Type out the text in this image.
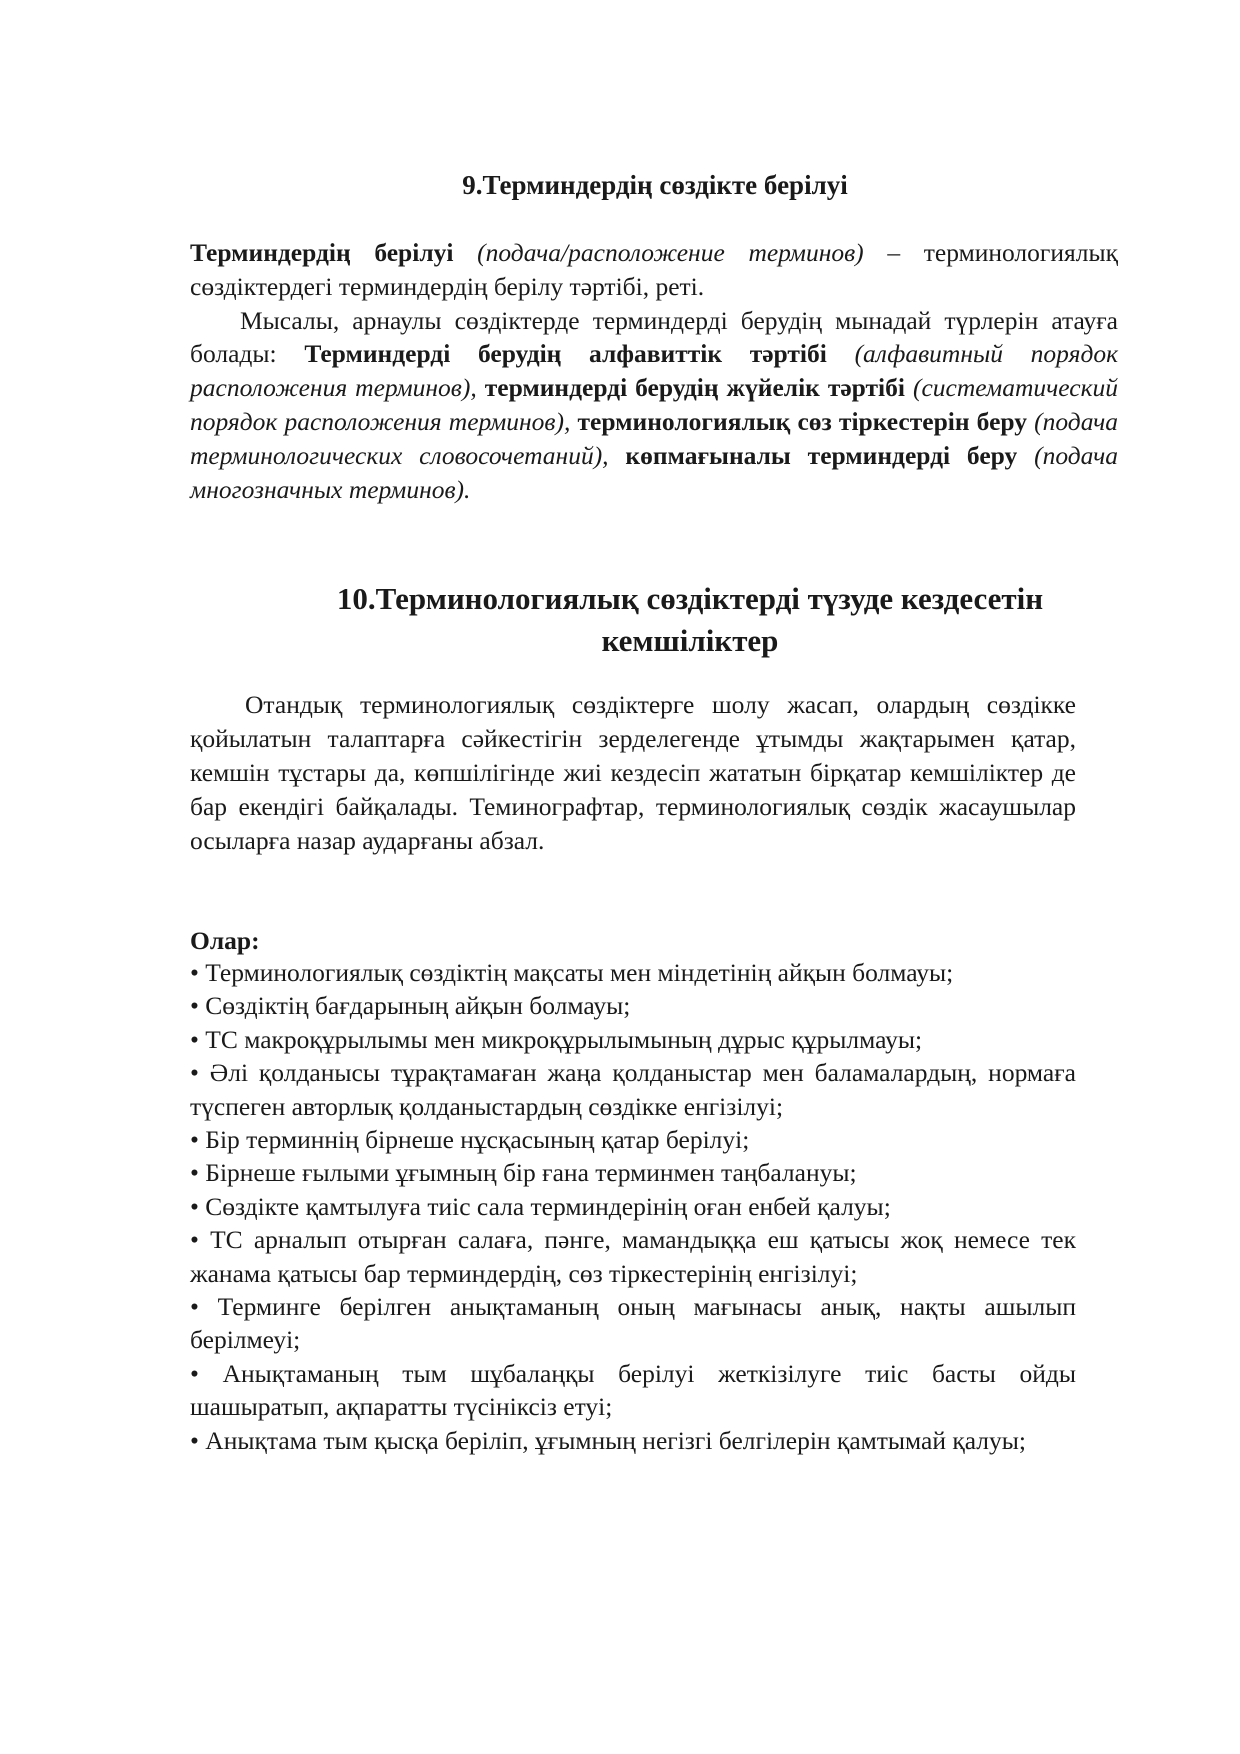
9.Терминдердің сөздікте берілуі

Терминдердің берілуі (подача/расположение терминов) – терминологиялық сөздіктердегі терминдердің берілу тәртібі, реті.

Мысалы, арнаулы сөздіктерде терминдерді берудің мынадай түрлерін атауға болады: Терминдерді берудің алфавиттік тәртібі (алфавитный порядок расположения терминов), терминдерді берудің жүйелік тәртібі (систематический порядок расположения терминов), терминологиялық сөз тіркестерін беру (подача терминологических словосочетаний), көпмағыналы терминдерді беру (подача многозначных терминов).

10.Терминологиялық сөздіктерді түзуде кездесетін
кемшіліктер

Отандық терминологиялық сөздіктерге шолу жасап, олардың сөздікке қойылатын талаптарға сәйкестігін зерделегенде ұтымды жақтарымен қатар, кемшін тұстары да, көпшілігінде жиі кездесіп жататын бірқатар кемшіліктер де бар екендігі байқалады. Теминографтар, терминологиялық сөздік жасаушылар осыларға назар аударғаны абзал.

Олар:
• Терминологиялық сөздіктің мақсаты мен міндетінің айқын болмауы;
• Сөздіктің бағдарының айқын болмауы;
• ТС макроқұрылымы мен микроқұрылымының дұрыс құрылмауы;
• Әлі қолданысы тұрақтамаған жаңа қолданыстар мен баламалардың, нормаға түспеген авторлық қолданыстардың сөздікке енгізілуі;
• Бір терминнің бірнеше нұсқасының қатар берілуі;
• Бірнеше ғылыми ұғымның бір ғана терминмен таңбалануы;
• Сөздікте қамтылуға тиіс сала терминдерінің оған енбей қалуы;
• ТС арналып отырған салаға, пәнге, мамандыққа еш қатысы жоқ немесе тек жанама қатысы бар терминдердің, сөз тіркестерінің енгізілуі;
• Терминге берілген анықтаманың оның мағынасы анық, нақты ашылып берілмеуі;
• Анықтаманың тым шұбалаңқы берілуі жеткізілуге тиіс басты ойды шашыратып, ақпаратты түсініксіз етуі;
• Анықтама тым қысқа беріліп, ұғымның негізгі белгілерін қамтымай қалуы;
